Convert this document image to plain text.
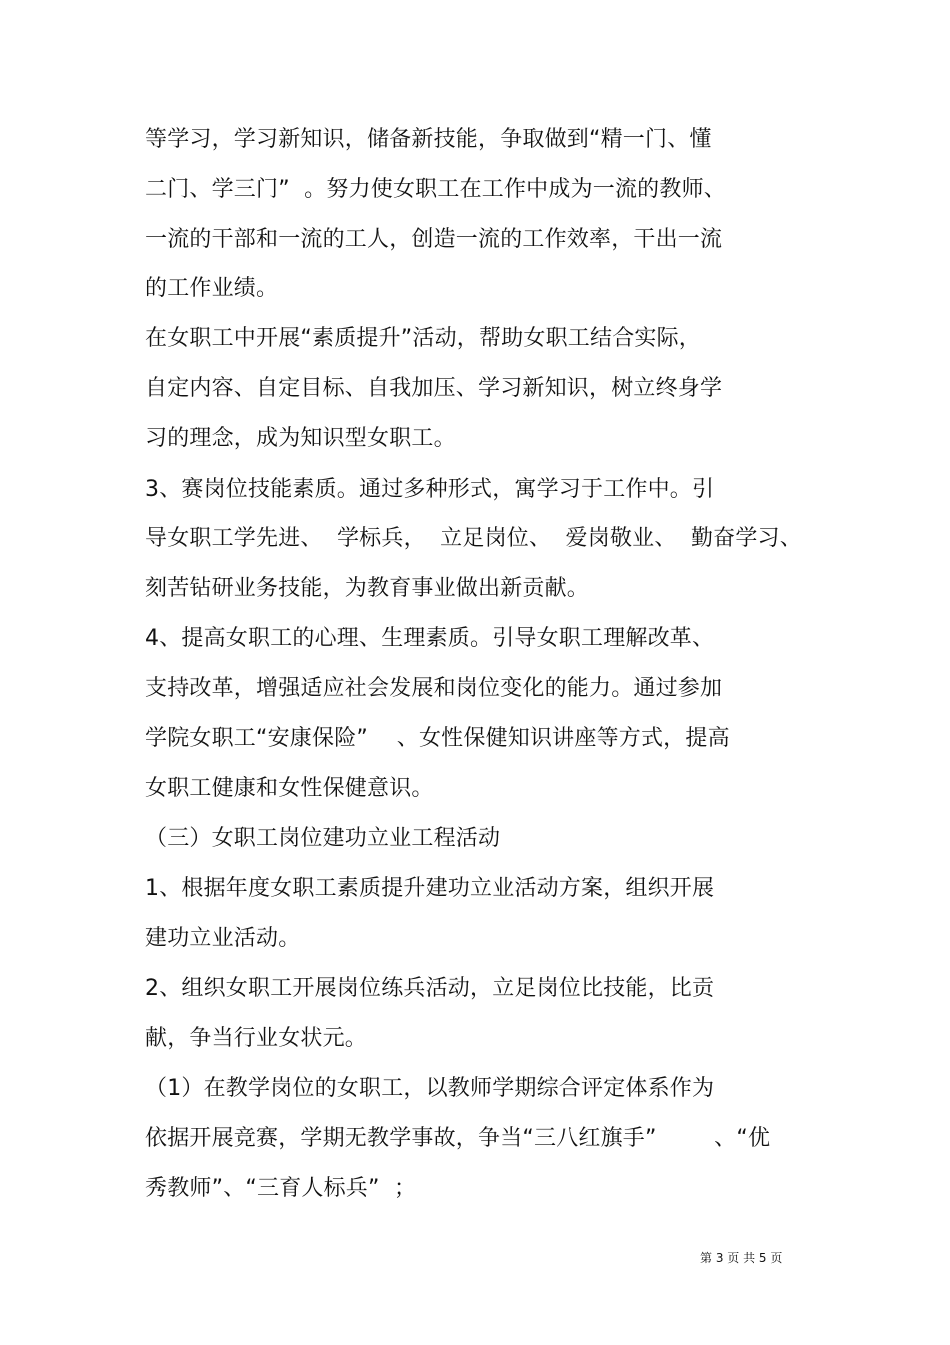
等学习，学习新知识，储备新技能，争取做到“精一门、懂
二门、学三门”  。努力使女职工在工作中成为一流的教师、
一流的干部和一流的工人，创造一流的工作效率，干出一流
的工作业绩。
在女职工中开展“素质提升”活动，帮助女职工结合实际，
自定内容、自定目标、自我加压、学习新知识，树立终身学
习的理念，成为知识型女职工。
3、赛岗位技能素质。通过多种形式，寓学习于工作中。引
导女职工学先进、  学标兵，  立足岗位、  爱岗敬业、  勤奋学习、
刻苦钻研业务技能，为教育事业做出新贡献。
4、提高女职工的心理、生理素质。引导女职工理解改革、
支持改革，增强适应社会发展和岗位变化的能力。通过参加
学院女职工“安康保险”    、女性保健知识讲座等方式，提高
女职工健康和女性保健意识。
（三）女职工岗位建功立业工程活动
1、根据年度女职工素质提升建功立业活动方案，组织开展
建功立业活动。
2、组织女职工开展岗位练兵活动，立足岗位比技能，比贡
献，争当行业女状元。
（1）在教学岗位的女职工，以教师学期综合评定体系作为
依据开展竞赛，学期无教学事故，争当“三八红旗手”        、“优
秀教师”、“三育人标兵”  ；
第 3 页 共 5 页
